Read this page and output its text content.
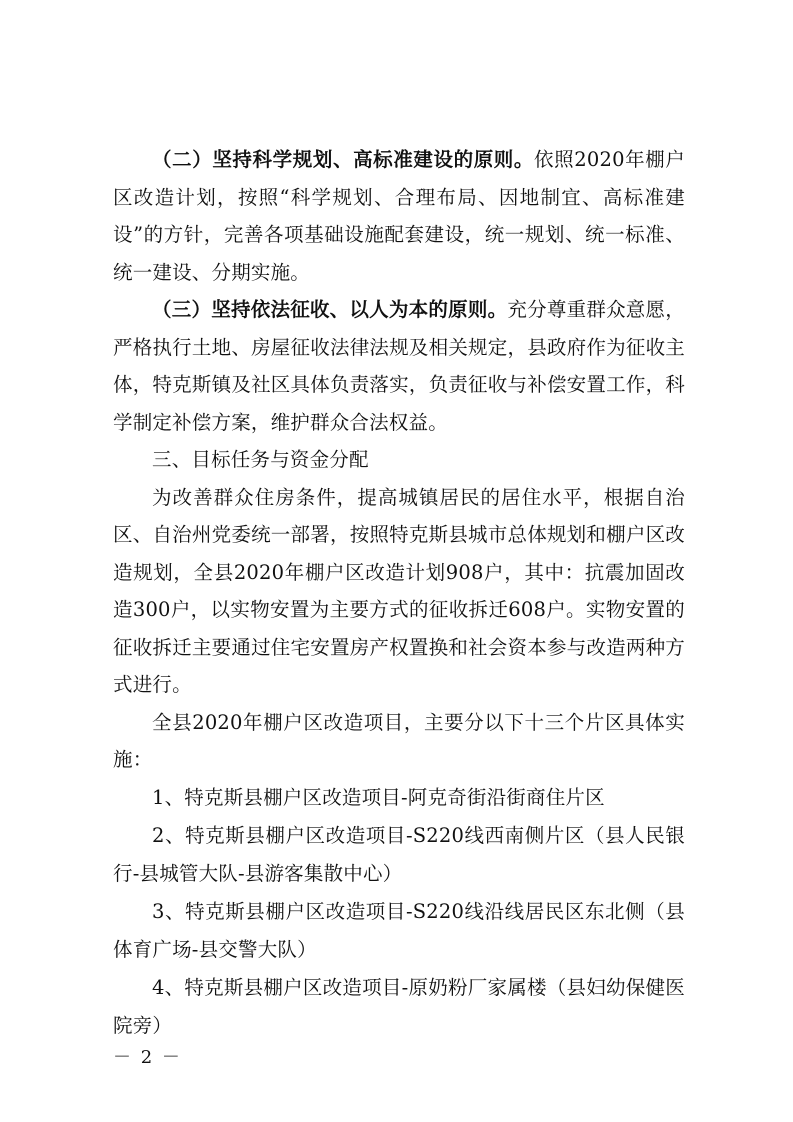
（二）坚持科学规划、高标准建设的原则。依照2020年棚户区改造计划，按照“科学规划、合理布局、因地制宜、高标准建设”的方针，完善各项基础设施配套建设，统一规划、统一标准、统一建设、分期实施。

（三）坚持依法征收、以人为本的原则。充分尊重群众意愿，严格执行土地、房屋征收法律法规及相关规定，县政府作为征收主体，特克斯镇及社区具体负责落实，负责征收与补偿安置工作，科学制定补偿方案，维护群众合法权益。

三、目标任务与资金分配

为改善群众住房条件，提高城镇居民的居住水平，根据自治区、自治州党委统一部署，按照特克斯县城市总体规划和棚户区改造规划，全县2020年棚户区改造计划908户，其中：抗震加固改造300户，以实物安置为主要方式的征收拆迁608户。实物安置的征收拆迁主要通过住宅安置房产权置换和社会资本参与改造两种方式进行。

全县2020年棚户区改造项目，主要分以下十三个片区具体实施：

1、特克斯县棚户区改造项目-阿克奇街沿街商住片区

2、特克斯县棚户区改造项目-S220线西南侧片区（县人民银行-县城管大队-县游客集散中心）

3、特克斯县棚户区改造项目-S220线沿线居民区东北侧（县体育广场-县交警大队）

4、特克斯县棚户区改造项目-原奶粉厂家属楼（县妇幼保健医院旁）

－ 2 －
